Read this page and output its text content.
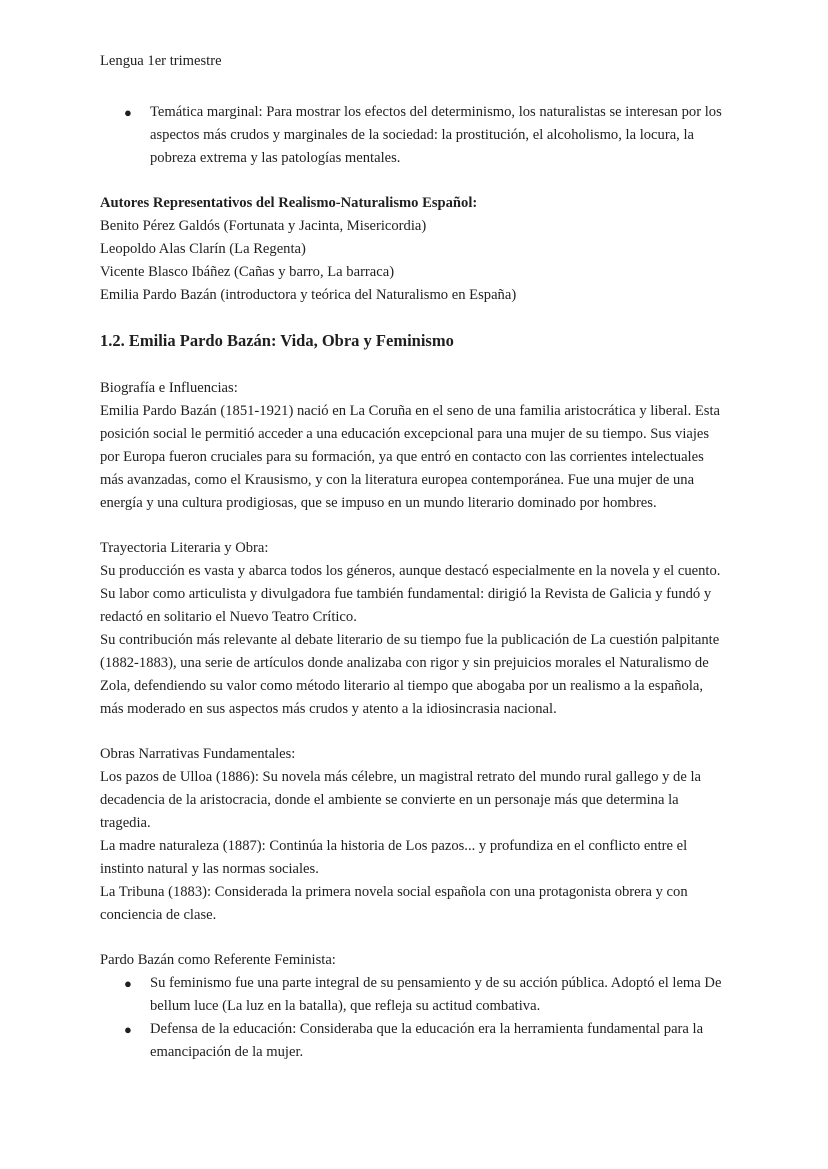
Lengua 1er trimestre

● Temática marginal: Para mostrar los efectos del determinismo, los naturalistas se interesan por los aspectos más crudos y marginales de la sociedad: la prostitución, el alcoholismo, la locura, la pobreza extrema y las patologías mentales.

Autores Representativos del Realismo-Naturalismo Español:

Benito Pérez Galdós (Fortunata y Jacinta, Misericordia)

Leopoldo Alas Clarín (La Regenta)

Vicente Blasco Ibáñez (Cañas y barro, La barraca)

Emilia Pardo Bazán (introductora y teórica del Naturalismo en España)

1.2. Emilia Pardo Bazán: Vida, Obra y Feminismo

Biografía e Influencias:

Emilia Pardo Bazán (1851-1921) nació en La Coruña en el seno de una familia aristocrática y liberal. Esta posición social le permitió acceder a una educación excepcional para una mujer de su tiempo. Sus viajes por Europa fueron cruciales para su formación, ya que entró en contacto con las corrientes intelectuales más avanzadas, como el Krausismo, y con la literatura europea contemporánea. Fue una mujer de una energía y una cultura prodigiosas, que se impuso en un mundo literario dominado por hombres.

Trayectoria Literaria y Obra:

Su producción es vasta y abarca todos los géneros, aunque destacó especialmente en la novela y el cuento. Su labor como articulista y divulgadora fue también fundamental: dirigió la Revista de Galicia y fundó y redactó en solitario el Nuevo Teatro Crítico.

Su contribución más relevante al debate literario de su tiempo fue la publicación de La cuestión palpitante (1882-1883), una serie de artículos donde analizaba con rigor y sin prejuicios morales el Naturalismo de Zola, defendiendo su valor como método literario al tiempo que abogaba por un realismo a la española, más moderado en sus aspectos más crudos y atento a la idiosincrasia nacional.

Obras Narrativas Fundamentales:

Los pazos de Ulloa (1886): Su novela más célebre, un magistral retrato del mundo rural gallego y de la decadencia de la aristocracia, donde el ambiente se convierte en un personaje más que determina la tragedia.

La madre naturaleza (1887): Continúa la historia de Los pazos... y profundiza en el conflicto entre el instinto natural y las normas sociales.

La Tribuna (1883): Considerada la primera novela social española con una protagonista obrera y con conciencia de clase.

Pardo Bazán como Referente Feminista:

● Su feminismo fue una parte integral de su pensamiento y de su acción pública. Adoptó el lema De bellum luce (La luz en la batalla), que refleja su actitud combativa.
● Defensa de la educación: Consideraba que la educación era la herramienta fundamental para la emancipación de la mujer.
